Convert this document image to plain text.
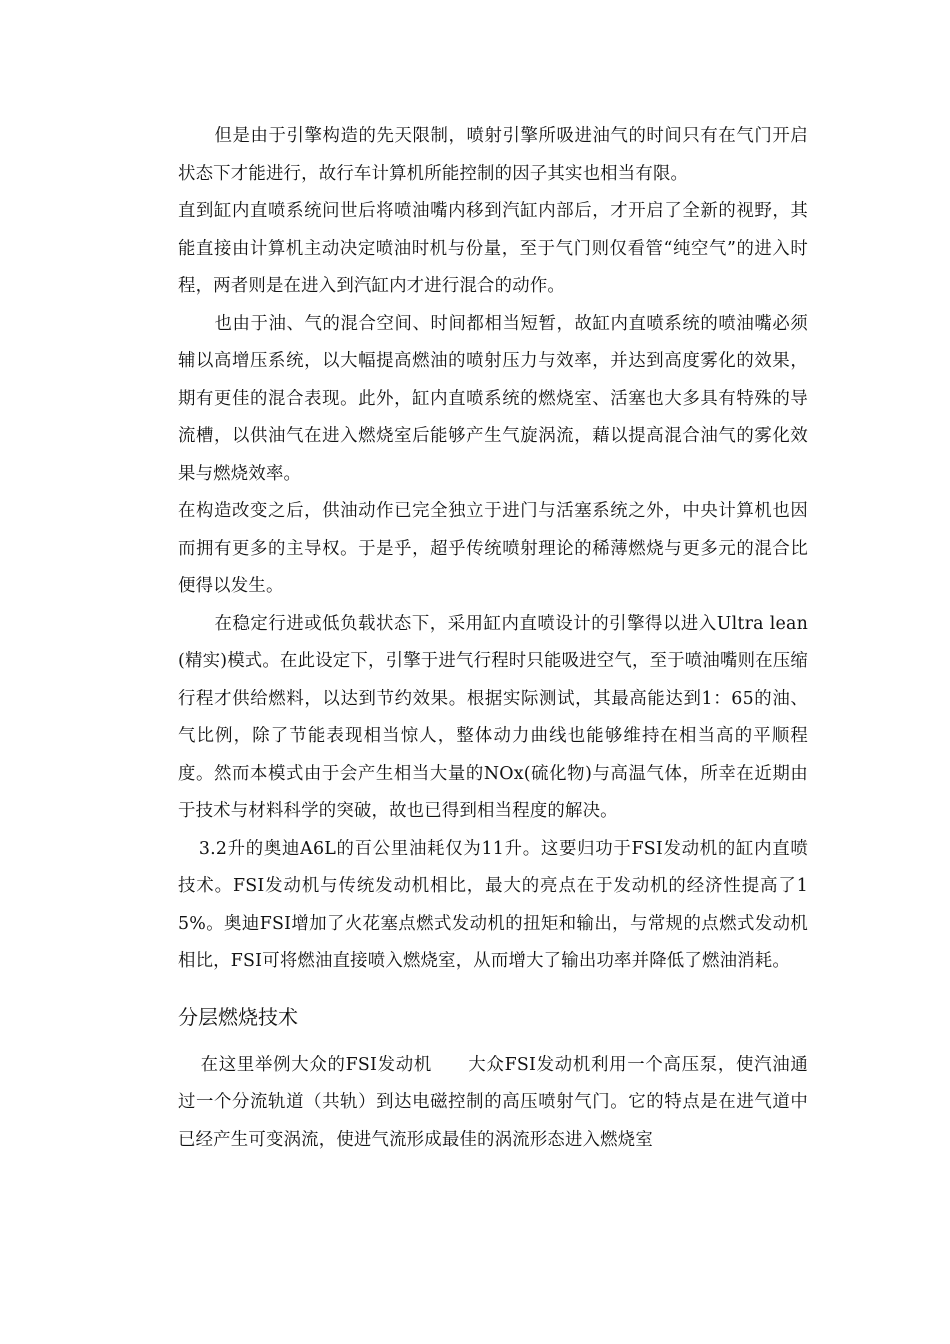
但是由于引擎构造的先天限制，喷射引擎所吸进油气的时间只有在气门开启状态下才能进行，故行车计算机所能控制的因子其实也相当有限。

直到缸内直喷系统问世后将喷油嘴内移到汽缸内部后，才开启了全新的视野，其能直接由计算机主动决定喷油时机与份量，至于气门则仅看管“纯空气”的进入时程，两者则是在进入到汽缸内才进行混合的动作。

也由于油、气的混合空间、时间都相当短暂，故缸内直喷系统的喷油嘴必须辅以高增压系统，以大幅提高燃油的喷射压力与效率，并达到高度雾化的效果，期有更佳的混合表现。此外，缸内直喷系统的燃烧室、活塞也大多具有特殊的导流槽，以供油气在进入燃烧室后能够产生气旋涡流，藉以提高混合油气的雾化效果与燃烧效率。

在构造改变之后，供油动作已完全独立于进门与活塞系统之外，中央计算机也因而拥有更多的主导权。于是乎，超乎传统喷射理论的稀薄燃烧与更多元的混合比便得以发生。

在稳定行进或低负载状态下，采用缸内直喷设计的引擎得以进入Ultra lean(精实)模式。在此设定下，引擎于进气行程时只能吸进空气，至于喷油嘴则在压缩行程才供给燃料，以达到节约效果。根据实际测试，其最高能达到1：65的油、气比例，除了节能表现相当惊人，整体动力曲线也能够维持在相当高的平顺程度。然而本模式由于会产生相当大量的NOx(硫化物)与高温气体，所幸在近期由于技术与材料科学的突破，故也已得到相当程度的解决。

3.2升的奥迪A6L的百公里油耗仅为11升。这要归功于FSI发动机的缸内直喷技术。FSI发动机与传统发动机相比，最大的亮点在于发动机的经济性提高了15%。奥迪FSI增加了火花塞点燃式发动机的扭矩和输出，与常规的点燃式发动机相比，FSI可将燃油直接喷入燃烧室，从而增大了输出功率并降低了燃油消耗。

分层燃烧技术

在这里举例大众的FSI发动机　　大众FSI发动机利用一个高压泵，使汽油通过一个分流轨道（共轨）到达电磁控制的高压喷射气门。它的特点是在进气道中已经产生可变涡流，使进气流形成最佳的涡流形态进入燃烧室
